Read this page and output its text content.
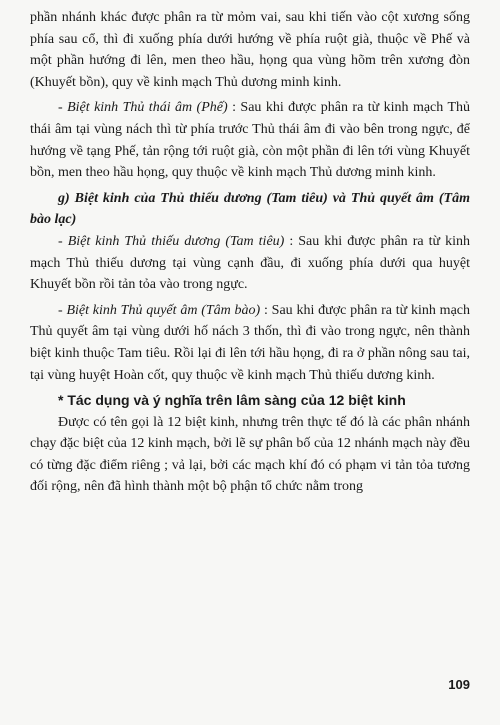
phần nhánh khác được phân ra từ mỏm vai, sau khi tiến vào cột xương sống phía sau cổ, thì đi xuống phía dưới hướng về phía ruột già, thuộc về Phế và một phần hướng đi lên, men theo hầu, họng qua vùng hõm trên xương đòn (Khuyết bồn), quy về kinh mạch Thủ dương minh kinh.

- Biệt kinh Thủ thái âm (Phế) : Sau khi được phân ra từ kinh mạch Thủ thái âm tại vùng nách thì từ phía trước Thủ thái âm đi vào bên trong ngực, để hướng về tạng Phế, tản rộng tới ruột già, còn một phần đi lên tới vùng Khuyết bồn, men theo hầu họng, quy thuộc về kinh mạch Thủ dương minh kinh.

g) Biệt kinh của Thủ thiếu dương (Tam tiêu) và Thủ quyết âm (Tâm bào lạc)

- Biệt kinh Thủ thiếu dương (Tam tiêu) : Sau khi được phân ra từ kinh mạch Thủ thiếu dương tại vùng cạnh đầu, đi xuống phía dưới qua huyệt Khuyết bồn rồi tản tỏa vào trong ngực.

- Biệt kinh Thủ quyết âm (Tâm bào) : Sau khi được phân ra từ kinh mạch Thủ quyết âm tại vùng dưới hố nách 3 thốn, thì đi vào trong ngực, nên thành biệt kinh thuộc Tam tiêu. Rồi lại đi lên tới hầu họng, đi ra ở phần nông sau tai, tại vùng huyệt Hoàn cốt, quy thuộc về kinh mạch Thủ thiếu dương kinh.

* Tác dụng và ý nghĩa trên lâm sàng của 12 biệt kinh

Được có tên gọi là 12 biệt kinh, nhưng trên thực tế đó là các phân nhánh chạy đặc biệt của 12 kinh mạch, bởi lẽ sự phân bố của 12 nhánh mạch này đều có từng đặc điểm riêng ; vả lại, bởi các mạch khí đó có phạm vi tản tỏa tương đối rộng, nên đã hình thành một bộ phận tổ chức nằm trong

109
